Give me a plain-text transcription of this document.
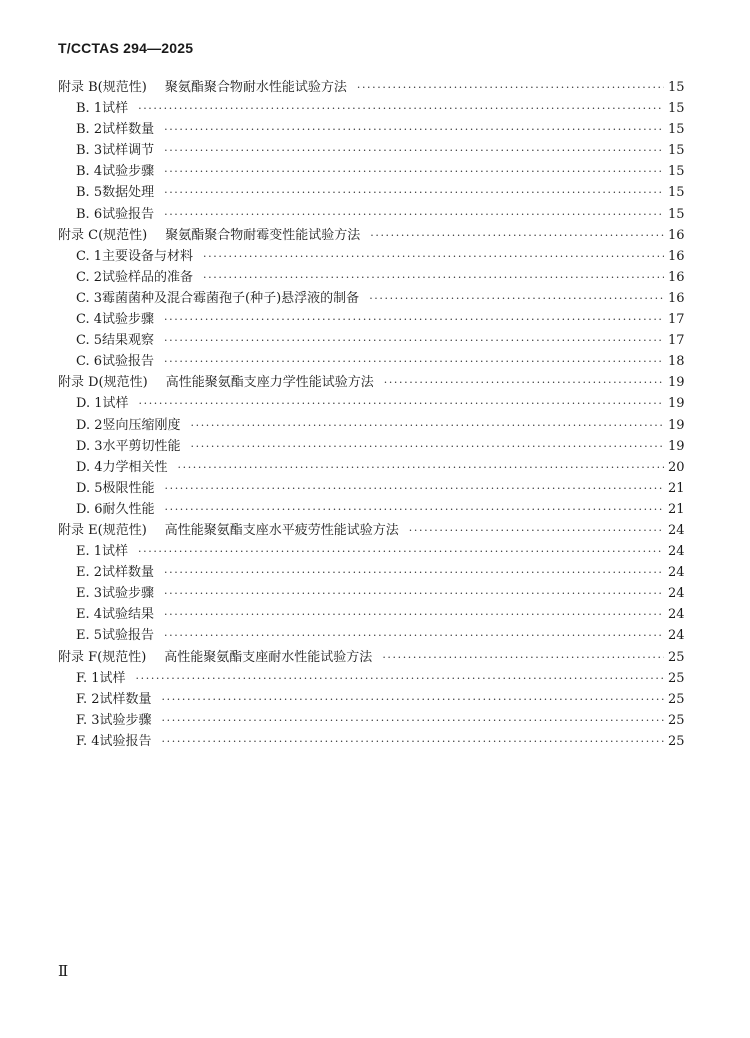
T/CCTAS 294—2025
附录 B(规范性) 聚氨酯聚合物耐水性能试验方法 ·····	15
B. 1 试样 ·····	15
B. 2 试样数量 ·····	15
B. 3 试样调节 ·····	15
B. 4 试验步骤 ·····	15
B. 5 数据处理 ·····	15
B. 6 试验报告 ·····	15
附录 C(规范性) 聚氨酯聚合物耐霉变性能试验方法 ·····	16
C. 1 主要设备与材料 ·····	16
C. 2 试验样品的准备 ·····	16
C. 3 霉菌菌种及混合霉菌孢子(种子)悬浮液的制备 ·····	16
C. 4 试验步骤 ·····	17
C. 5 结果观察 ·····	17
C. 6 试验报告 ·····	18
附录 D(规范性) 高性能聚氨酯支座力学性能试验方法 ·····	19
D. 1 试样 ·····	19
D. 2 竖向压缩刚度 ·····	19
D. 3 水平剪切性能 ·····	19
D. 4 力学相关性 ·····	20
D. 5 极限性能 ·····	21
D. 6 耐久性能 ·····	21
附录 E(规范性) 高性能聚氨酯支座水平疲劳性能试验方法 ·····	24
E. 1 试样 ·····	24
E. 2 试样数量 ·····	24
E. 3 试验步骤 ·····	24
E. 4 试验结果 ·····	24
E. 5 试验报告 ·····	24
附录 F(规范性) 高性能聚氨酯支座耐水性能试验方法 ·····	25
F. 1 试样 ·····	25
F. 2 试样数量 ·····	25
F. 3 试验步骤 ·····	25
F. 4 试验报告 ·····	25
Ⅱ
